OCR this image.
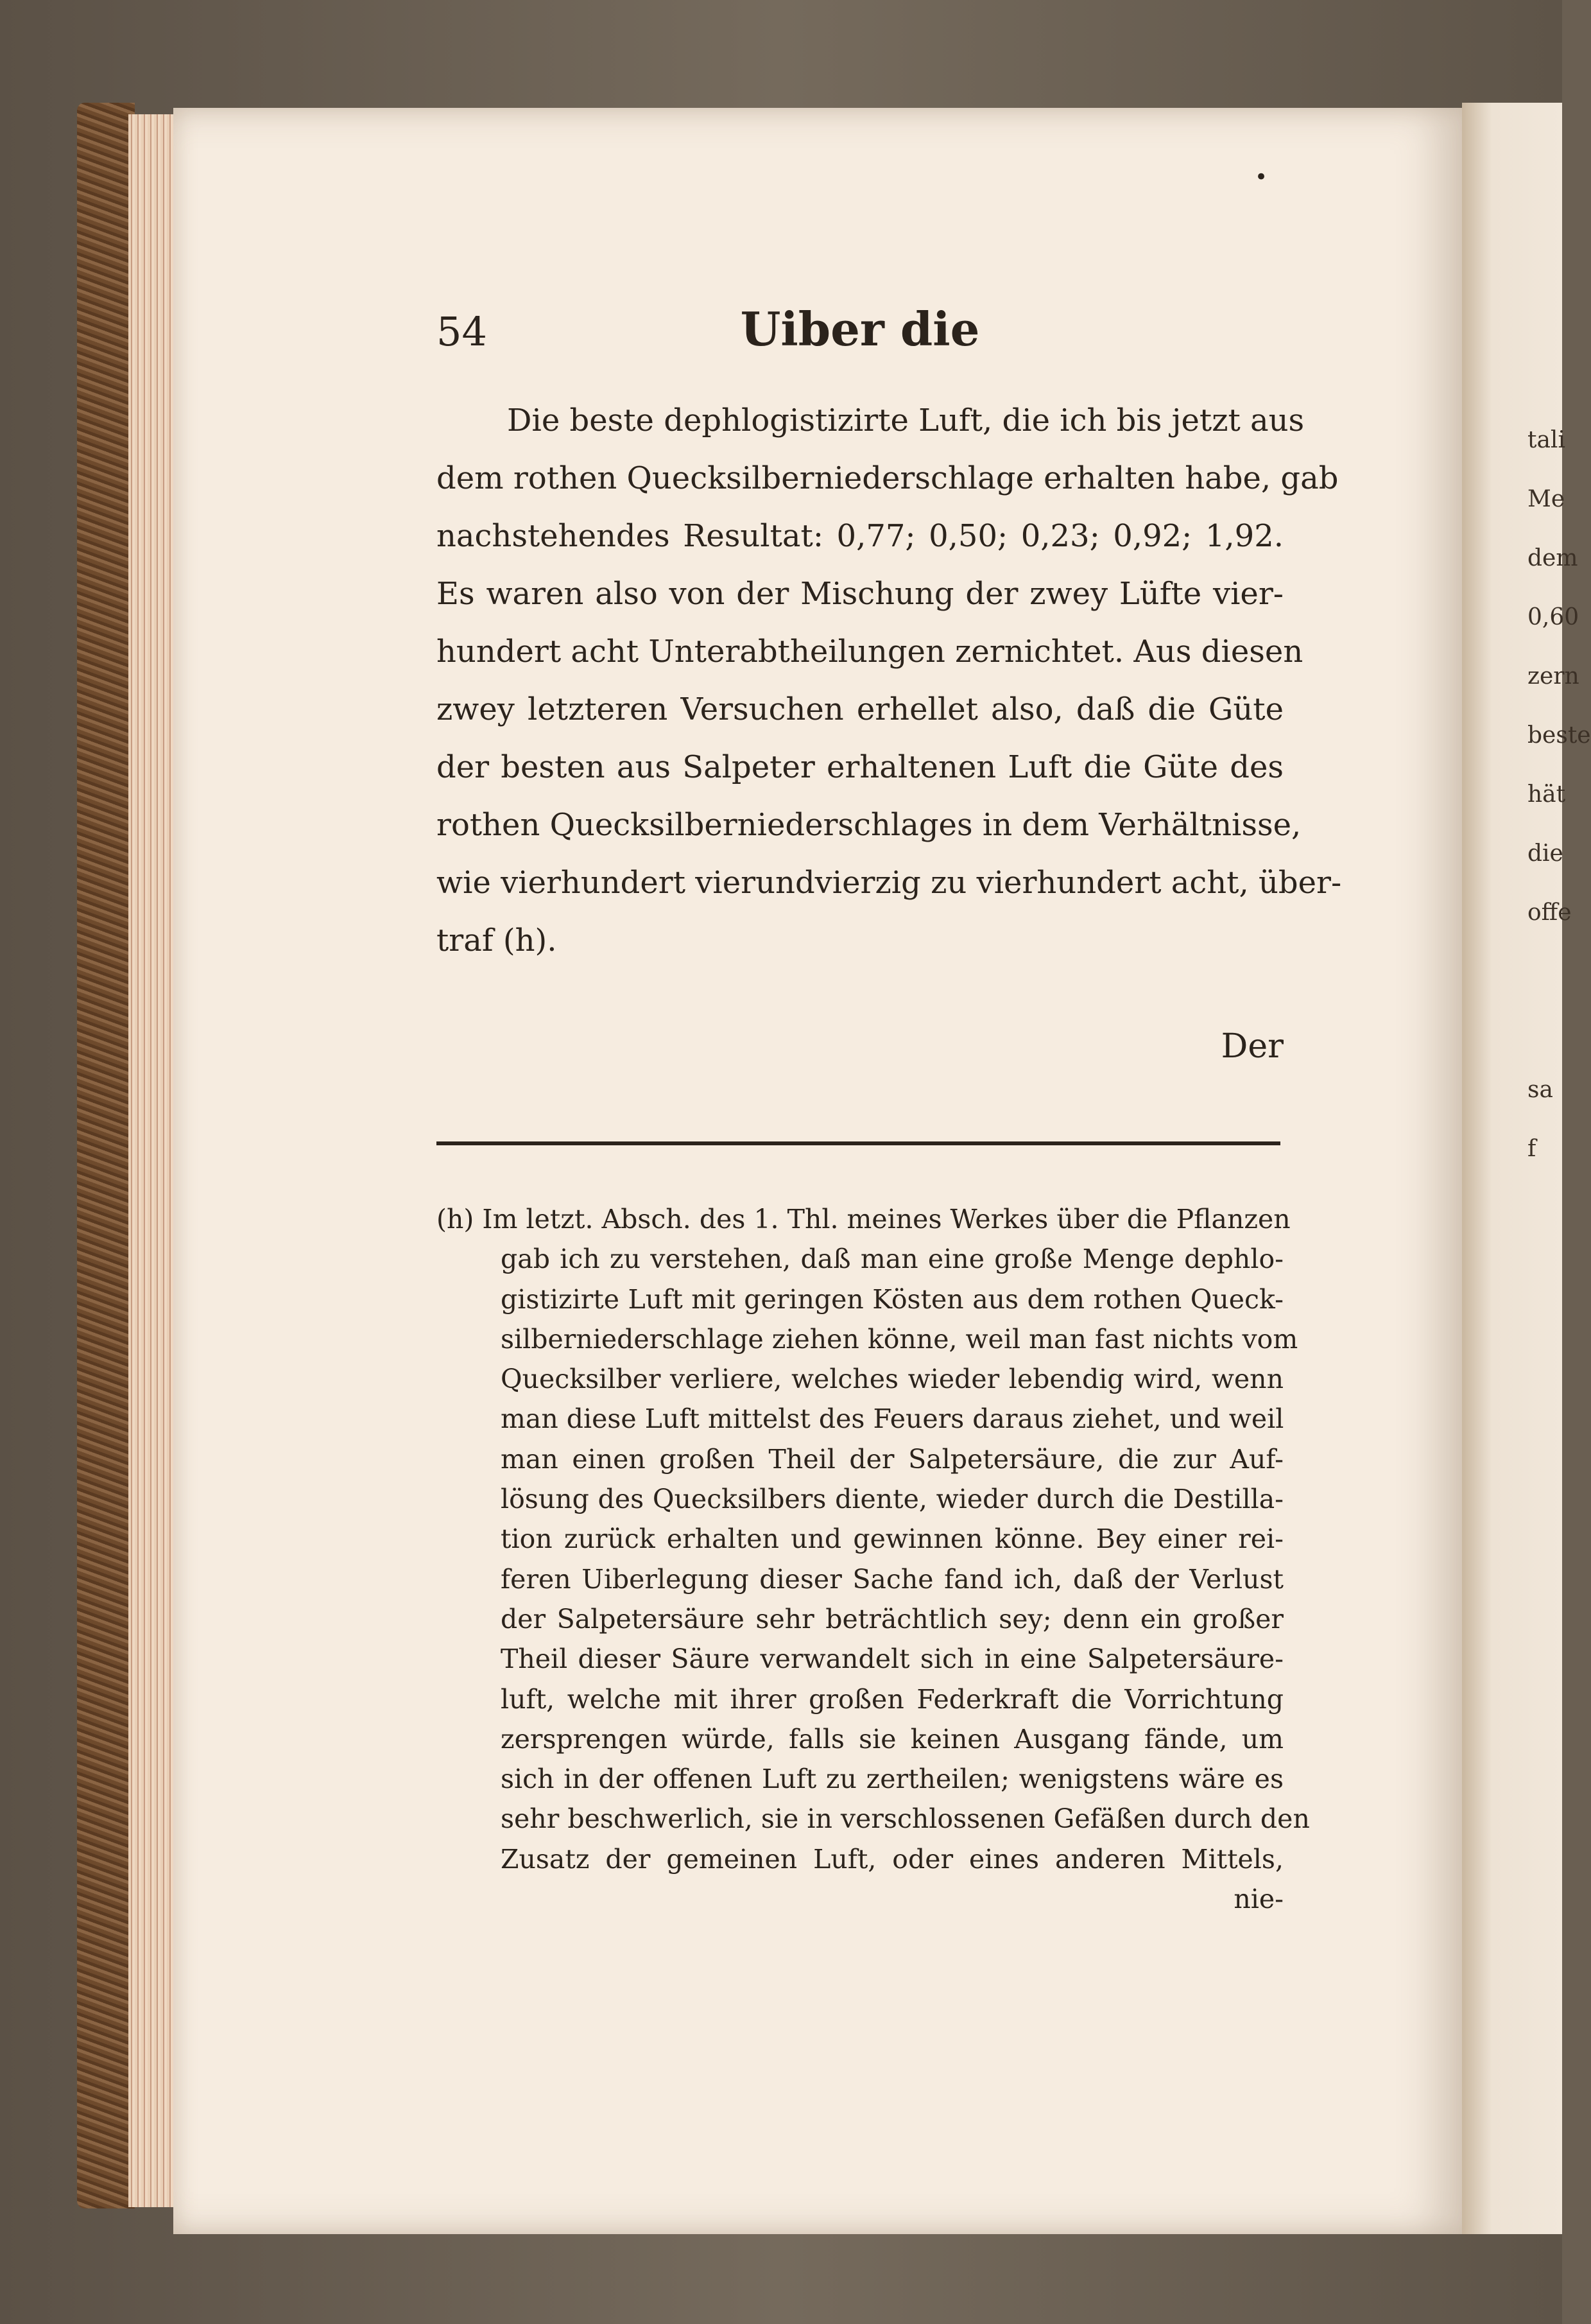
tali
Me
dem
0,60
zern
beste
hät
die
offe
sa
f
•
54	Uiber die
Die beste dephlogistizirte Luft, die ich bis jetzt aus
dem rothen Quecksilberniederschlage erhalten habe, gab
nachstehendes Resultat: 0,77; 0,50; 0,23; 0,92; 1,92.
Es waren also von der Mischung der zwey Lüfte vier-
hundert acht Unterabtheilungen zernichtet. Aus diesen
zwey letzteren Versuchen erhellet also, daß die Güte
der besten aus Salpeter erhaltenen Luft die Güte des
rothen Quecksilberniederschlages in dem Verhältnisse,
wie vierhundert vierundvierzig zu vierhundert acht, über-
traf (h).
Der
(h) Im letzt. Absch. des 1. Thl. meines Werkes über die Pflanzen
gab ich zu verstehen, daß man eine große Menge dephlo-
gistizirte Luft mit geringen Kösten aus dem rothen Queck-
silberniederschlage ziehen könne, weil man fast nichts vom
Quecksilber verliere, welches wieder lebendig wird, wenn
man diese Luft mittelst des Feuers daraus ziehet, und weil
man einen großen Theil der Salpetersäure, die zur Auf-
lösung des Quecksilbers diente, wieder durch die Destilla-
tion zurück erhalten und gewinnen könne. Bey einer rei-
feren Uiberlegung dieser Sache fand ich, daß der Verlust
der Salpetersäure sehr beträchtlich sey; denn ein großer
Theil dieser Säure verwandelt sich in eine Salpetersäure-
luft, welche mit ihrer großen Federkraft die Vorrichtung
zersprengen würde, falls sie keinen Ausgang fände, um
sich in der offenen Luft zu zertheilen; wenigstens wäre es
sehr beschwerlich, sie in verschlossenen Gefäßen durch den
Zusatz der gemeinen Luft, oder eines anderen Mittels,
nie-
